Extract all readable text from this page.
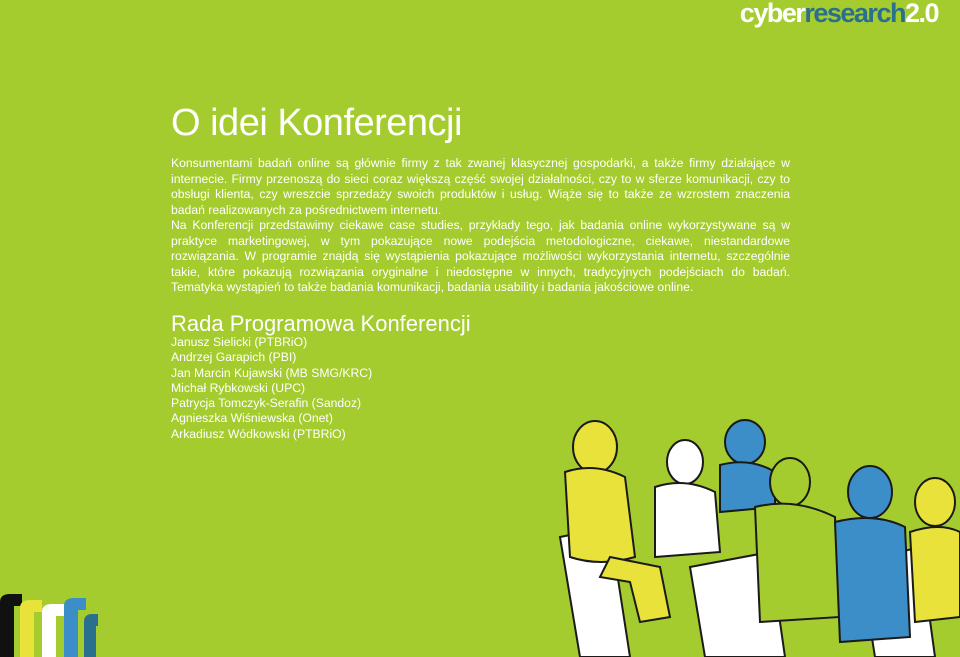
cyberresearch2.0
O idei Konferencji

Konsumentami badań online są głównie firmy z tak zwanej klasycznej gospodarki, a także firmy działające w internecie. Firmy przenoszą do sieci coraz większą część swojej działalności, czy to w sferze komunikacji, czy to obsługi klienta, czy wreszcie sprzedaży swoich produktów i usług. Wiąże się to także ze wzrostem znaczenia badań realizowanych za pośrednictwem internetu.

Na Konferencji przedstawimy ciekawe case studies, przykłady tego, jak badania online wykorzystywane są w praktyce marketingowej, w tym pokazujące nowe podejścia metodologiczne, ciekawe, niestandardowe rozwiązania. W programie znajdą się wystąpienia pokazujące możliwości wykorzystania internetu, szczególnie takie, które pokazują rozwiązania oryginalne i niedostępne w innych, tradycyjnych podejściach do badań. Tematyka wystąpień to także badania komunikacji, badania usability i badania jakościowe online.

Rada Programowa Konferencji
Janusz Sielicki (PTBRiO)
Andrzej Garapich (PBI)
Jan Marcin Kujawski (MB SMG/KRC)
Michał Rybkowski (UPC)
Patrycja Tomczyk-Serafin (Sandoz)
Agnieszka Wiśniewska (Onet)
Arkadiusz Wódkowski (PTBRiO)
